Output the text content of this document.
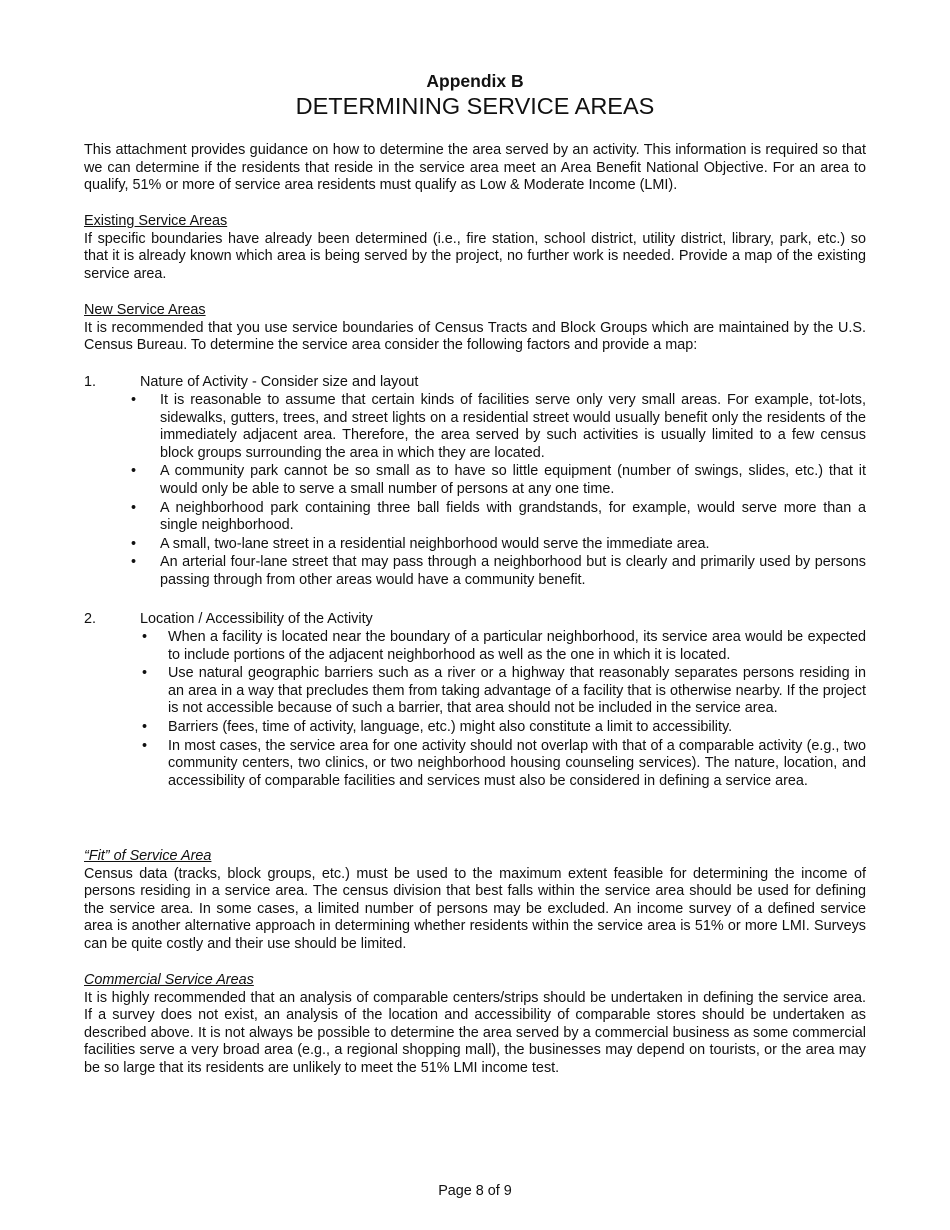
Appendix B
DETERMINING SERVICE AREAS

This attachment provides guidance on how to determine the area served by an activity. This information is required so that we can determine if the residents that reside in the service area meet an Area Benefit National Objective. For an area to qualify, 51% or more of service area residents must qualify as Low & Moderate Income (LMI).

Existing Service Areas

If specific boundaries have already been determined (i.e., fire station, school district, utility district, library, park, etc.) so that it is already known which area is being served by the project, no further work is needed. Provide a map of the existing service area.

New Service Areas

It is recommended that you use service boundaries of Census Tracts and Block Groups which are maintained by the U.S. Census Bureau. To determine the service area consider the following factors and provide a map:

1.	Nature of Activity - Consider size and layout
•	It is reasonable to assume that certain kinds of facilities serve only very small areas. For example, tot-lots, sidewalks, gutters, trees, and street lights on a residential street would usually benefit only the residents of the immediately adjacent area. Therefore, the area served by such activities is usually limited to a few census block groups surrounding the area in which they are located.
•	A community park cannot be so small as to have so little equipment (number of swings, slides, etc.) that it would only be able to serve a small number of persons at any one time.
•	A neighborhood park containing three ball fields with grandstands, for example, would serve more than a single neighborhood.
•	A small, two-lane street in a residential neighborhood would serve the immediate area.
•	An arterial four-lane street that may pass through a neighborhood but is clearly and primarily used by persons passing through from other areas would have a community benefit.
2.	Location / Accessibility of the Activity
•	When a facility is located near the boundary of a particular neighborhood, its service area would be expected to include portions of the adjacent neighborhood as well as the one in which it is located.
•	Use natural geographic barriers such as a river or a highway that reasonably separates persons residing in an area in a way that precludes them from taking advantage of a facility that is otherwise nearby. If the project is not accessible because of such a barrier, that area should not be included in the service area.
•	Barriers (fees, time of activity, language, etc.) might also constitute a limit to accessibility.
•	In most cases, the service area for one activity should not overlap with that of a comparable activity (e.g., two community centers, two clinics, or two neighborhood housing counseling services). The nature, location, and accessibility of comparable facilities and services must also be considered in defining a service area.
“Fit” of Service Area

Census data (tracks, block groups, etc.) must be used to the maximum extent feasible for determining the income of persons residing in a service area. The census division that best falls within the service area should be used for defining the service area. In some cases, a limited number of persons may be excluded. An income survey of a defined service area is another alternative approach in determining whether residents within the service area is 51% or more LMI. Surveys can be quite costly and their use should be limited.

Commercial Service Areas

It is highly recommended that an analysis of comparable centers/strips should be undertaken in defining the service area. If a survey does not exist, an analysis of the location and accessibility of comparable stores should be undertaken as described above. It is not always be possible to determine the area served by a commercial business as some commercial facilities serve a very broad area (e.g., a regional shopping mall), the businesses may depend on tourists, or the area may be so large that its residents are unlikely to meet the 51% LMI income test.

Page 8 of 9
